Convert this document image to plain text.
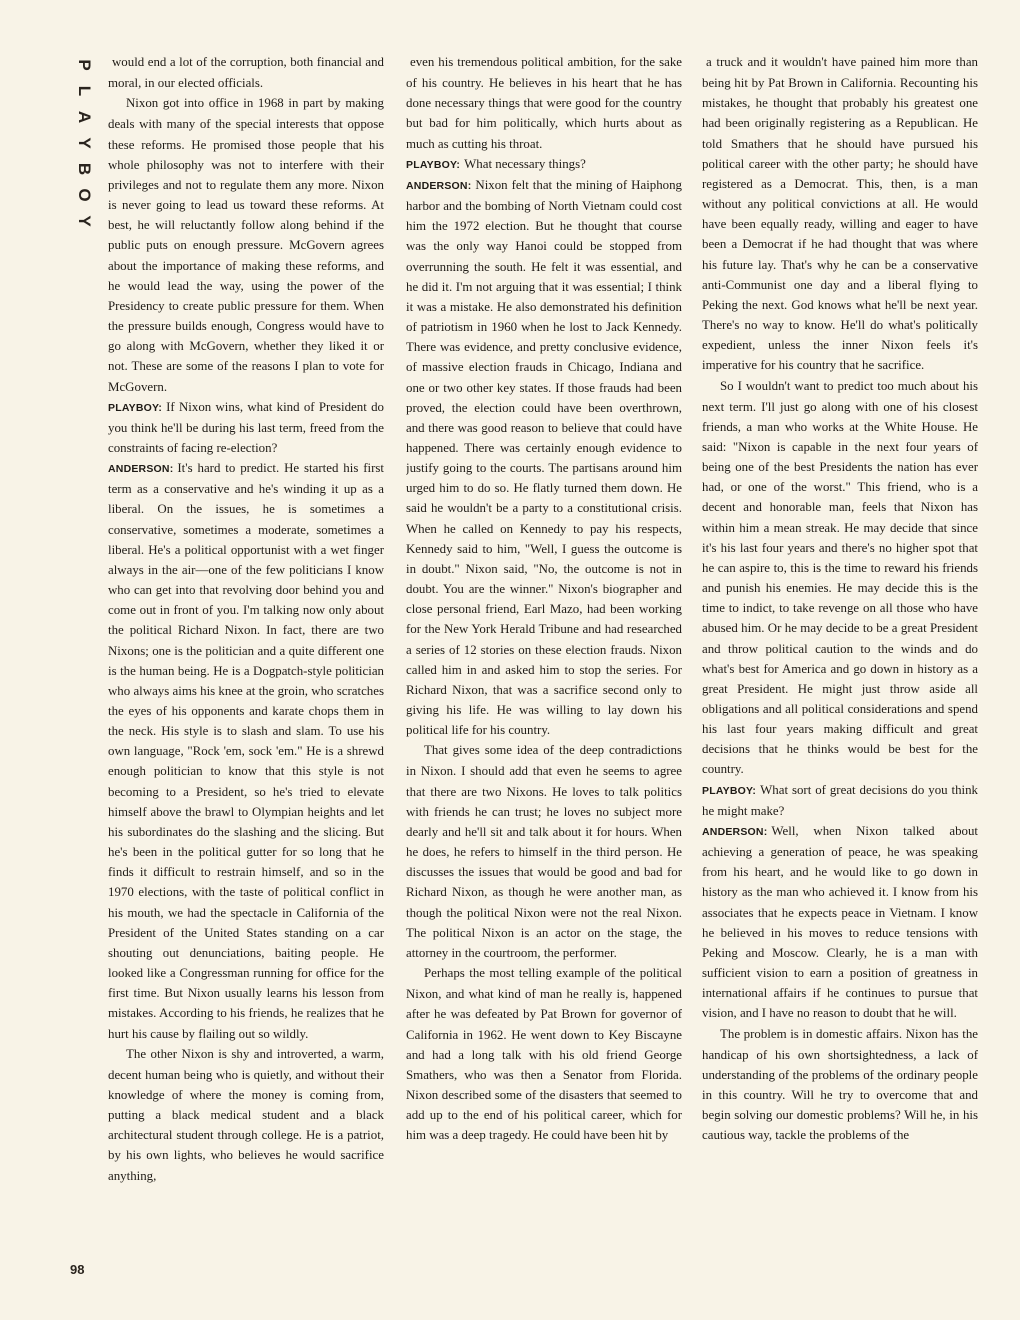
P
L
A
Y
B
O
Y
98

would end a lot of the corruption, both financial and moral, in our elected officials.

Nixon got into office in 1968 in part by making deals with many of the special interests that oppose these reforms. He promised those people that his whole philosophy was not to interfere with their privileges and not to regulate them any more. Nixon is never going to lead us toward these reforms. At best, he will reluctantly follow along behind if the public puts on enough pressure. McGovern agrees about the importance of making these reforms, and he would lead the way, using the power of the Presidency to create public pressure for them. When the pressure builds enough, Congress would have to go along with McGovern, whether they liked it or not. These are some of the reasons I plan to vote for McGovern.

PLAYBOY: If Nixon wins, what kind of President do you think he'll be during his last term, freed from the constraints of facing re-election?

ANDERSON: It's hard to predict. He started his first term as a conservative and he's winding it up as a liberal. On the issues, he is sometimes a conservative, sometimes a moderate, sometimes a liberal. He's a political opportunist with a wet finger always in the air—one of the few politicians I know who can get into that revolving door behind you and come out in front of you. I'm talking now only about the political Richard Nixon. In fact, there are two Nixons; one is the politician and a quite different one is the human being. He is a Dogpatch-style politician who always aims his knee at the groin, who scratches the eyes of his opponents and karate chops them in the neck. His style is to slash and slam. To use his own language, "Rock 'em, sock 'em." He is a shrewd enough politician to know that this style is not becoming to a President, so he's tried to elevate himself above the brawl to Olympian heights and let his subordinates do the slashing and the slicing. But he's been in the political gutter for so long that he finds it difficult to restrain himself, and so in the 1970 elections, with the taste of political conflict in his mouth, we had the spectacle in California of the President of the United States standing on a car shouting out denunciations, baiting people. He looked like a Congressman running for office for the first time. But Nixon usually learns his lesson from mistakes. According to his friends, he realizes that he hurt his cause by flailing out so wildly.

The other Nixon is shy and introverted, a warm, decent human being who is quietly, and without their knowledge of where the money is coming from, putting a black medical student and a black architectural student through college. He is a patriot, by his own lights, who believes he would sacrifice anything,

even his tremendous political ambition, for the sake of his country. He believes in his heart that he has done necessary things that were good for the country but bad for him politically, which hurts about as much as cutting his throat.

PLAYBOY: What necessary things?

ANDERSON: Nixon felt that the mining of Haiphong harbor and the bombing of North Vietnam could cost him the 1972 election. But he thought that course was the only way Hanoi could be stopped from overrunning the south. He felt it was essential, and he did it. I'm not arguing that it was essential; I think it was a mistake. He also demonstrated his definition of patriotism in 1960 when he lost to Jack Kennedy. There was evidence, and pretty conclusive evidence, of massive election frauds in Chicago, Indiana and one or two other key states. If those frauds had been proved, the election could have been overthrown, and there was good reason to believe that could have happened. There was certainly enough evidence to justify going to the courts. The partisans around him urged him to do so. He flatly turned them down. He said he wouldn't be a party to a constitutional crisis. When he called on Kennedy to pay his respects, Kennedy said to him, "Well, I guess the outcome is in doubt." Nixon said, "No, the outcome is not in doubt. You are the winner." Nixon's biographer and close personal friend, Earl Mazo, had been working for the New York Herald Tribune and had researched a series of 12 stories on these election frauds. Nixon called him in and asked him to stop the series. For Richard Nixon, that was a sacrifice second only to giving his life. He was willing to lay down his political life for his country.

That gives some idea of the deep contradictions in Nixon. I should add that even he seems to agree that there are two Nixons. He loves to talk politics with friends he can trust; he loves no subject more dearly and he'll sit and talk about it for hours. When he does, he refers to himself in the third person. He discusses the issues that would be good and bad for Richard Nixon, as though he were another man, as though the political Nixon were not the real Nixon. The political Nixon is an actor on the stage, the attorney in the courtroom, the performer.

Perhaps the most telling example of the political Nixon, and what kind of man he really is, happened after he was defeated by Pat Brown for governor of California in 1962. He went down to Key Biscayne and had a long talk with his old friend George Smathers, who was then a Senator from Florida. Nixon described some of the disasters that seemed to add up to the end of his political career, which for him was a deep tragedy. He could have been hit by

a truck and it wouldn't have pained him more than being hit by Pat Brown in California. Recounting his mistakes, he thought that probably his greatest one had been originally registering as a Republican. He told Smathers that he should have pursued his political career with the other party; he should have registered as a Democrat. This, then, is a man without any political convictions at all. He would have been equally ready, willing and eager to have been a Democrat if he had thought that was where his future lay. That's why he can be a conservative anti-Communist one day and a liberal flying to Peking the next. God knows what he'll be next year. There's no way to know. He'll do what's politically expedient, unless the inner Nixon feels it's imperative for his country that he sacrifice.

So I wouldn't want to predict too much about his next term. I'll just go along with one of his closest friends, a man who works at the White House. He said: "Nixon is capable in the next four years of being one of the best Presidents the nation has ever had, or one of the worst." This friend, who is a decent and honorable man, feels that Nixon has within him a mean streak. He may decide that since it's his last four years and there's no higher spot that he can aspire to, this is the time to reward his friends and punish his enemies. He may decide this is the time to indict, to take revenge on all those who have abused him. Or he may decide to be a great President and throw political caution to the winds and do what's best for America and go down in history as a great President. He might just throw aside all obligations and all political considerations and spend his last four years making difficult and great decisions that he thinks would be best for the country.

PLAYBOY: What sort of great decisions do you think he might make?

ANDERSON: Well, when Nixon talked about achieving a generation of peace, he was speaking from his heart, and he would like to go down in history as the man who achieved it. I know from his associates that he expects peace in Vietnam. I know he believed in his moves to reduce tensions with Peking and Moscow. Clearly, he is a man with sufficient vision to earn a position of greatness in international affairs if he continues to pursue that vision, and I have no reason to doubt that he will.

The problem is in domestic affairs. Nixon has the handicap of his own shortsightedness, a lack of understanding of the problems of the ordinary people in this country. Will he try to overcome that and begin solving our domestic problems? Will he, in his cautious way, tackle the problems of the
